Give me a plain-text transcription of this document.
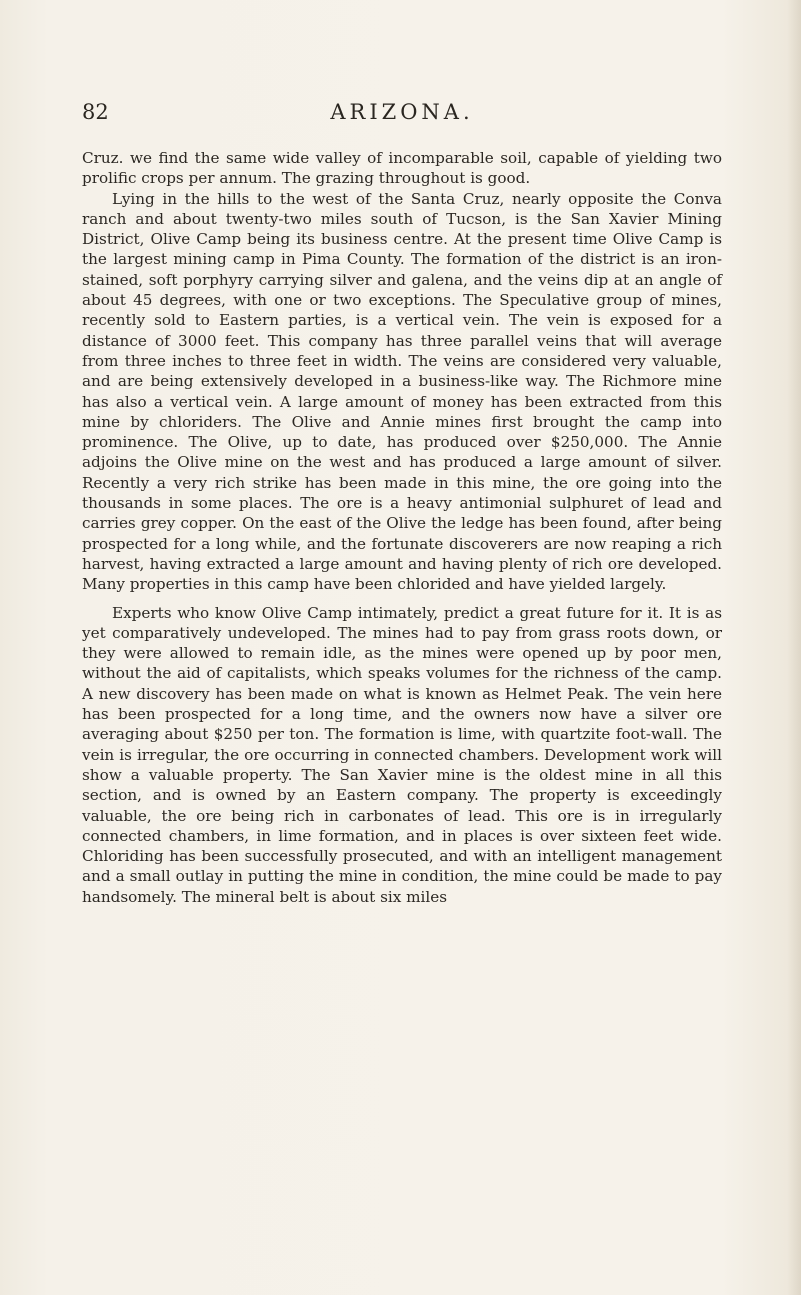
82	ARIZONA.

Cruz. we find the same wide valley of incomparable soil, capable of yielding two prolific crops per annum. The grazing throughout is good.

Lying in the hills to the west of the Santa Cruz, nearly opposite the Conva ranch and about twenty-two miles south of Tucson, is the San Xavier Mining District, Olive Camp being its business centre. At the present time Olive Camp is the largest mining camp in Pima County. The formation of the district is an iron-stained, soft porphyry carrying silver and galena, and the veins dip at an angle of about 45 degrees, with one or two exceptions. The Speculative group of mines, recently sold to Eastern parties, is a vertical vein. The vein is exposed for a distance of 3000 feet. This company has three parallel veins that will average from three inches to three feet in width. The veins are considered very valuable, and are being extensively developed in a business-like way. The Richmore mine has also a vertical vein. A large amount of money has been extracted from this mine by chloriders. The Olive and Annie mines first brought the camp into prominence. The Olive, up to date, has produced over $250,000. The Annie adjoins the Olive mine on the west and has produced a large amount of silver. Recently a very rich strike has been made in this mine, the ore going into the thousands in some places. The ore is a heavy antimonial sulphuret of lead and carries grey copper. On the east of the Olive the ledge has been found, after being prospected for a long while, and the fortunate discoverers are now reaping a rich harvest, having extracted a large amount and having plenty of rich ore developed. Many properties in this camp have been chlorided and have yielded largely.

Experts who know Olive Camp intimately, predict a great future for it. It is as yet comparatively undeveloped. The mines had to pay from grass roots down, or they were allowed to remain idle, as the mines were opened up by poor men, without the aid of capitalists, which speaks volumes for the richness of the camp. A new discovery has been made on what is known as Helmet Peak. The vein here has been prospected for a long time, and the owners now have a silver ore averaging about $250 per ton. The formation is lime, with quartzite foot-wall. The vein is irregular, the ore occurring in connected chambers. Development work will show a valuable property. The San Xavier mine is the oldest mine in all this section, and is owned by an Eastern company. The property is exceedingly valuable, the ore being rich in carbonates of lead. This ore is in irregularly connected chambers, in lime formation, and in places is over sixteen feet wide. Chloriding has been successfully prosecuted, and with an intelligent management and a small outlay in putting the mine in condition, the mine could be made to pay handsomely. The mineral belt is about six miles
